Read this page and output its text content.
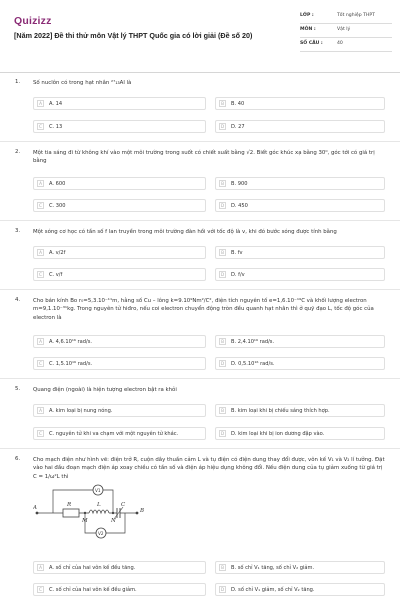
Quizizz
[Năm 2022] Đề thi thử môn Vật lý THPT Quốc gia có lời giải (Đề số 20)
LỚP :	Tốt nghiệp THPT
MÔN :	Vật lý
SỐ CÂU :	40
1. Số nuclôn có trong hạt nhân ²⁷₁₃Al là
A	A. 14	B	B. 40
C	C. 13	D	D. 27
2. Một tia sáng đi từ không khí vào một môi trường trong suốt có chiết suất bằng √2. Biết góc khúc xạ bằng 30⁰, góc tới có giá trị bằng
A	A. 600	B	B. 900
C	C. 300	D	D. 450
3. Một sóng cơ học có tần số f lan truyền trong môi trường đàn hồi với tốc độ là v, khi đó bước sóng được tính bằng
A	A. v/2f	B	B. fv
C	C. v/f	D	D. f/v
4. Cho bán kính Bo r₀=5,3.10⁻¹¹m, hằng số Cu – lông k=9.10⁹Nm²/C², điện tích nguyên tố e=1,6.10⁻¹⁹C và khối lượng electron m=9,1.10⁻³¹kg. Trong nguyên tử hiđro, nếu coi electron chuyển động tròn đều quanh hạt nhân thì ở quỹ đạo L, tốc độ góc của electron là
A	A. 4,6.10¹⁶ rad/s.	B	B. 2,4.10¹⁶ rad/s.
C	C. 1,5.10¹⁶ rad/s.	D	D. 0,5.10¹⁶ rad/s.
5. Quang điện (ngoài) là hiện tượng electron bật ra khỏi
A	A. kim loại bị nung nóng.	B	B. kim loại khi bị chiếu sáng thích hợp.
C	C. nguyên tử khi va chạm với một nguyên tử khác.	D	D. kim loại khi bị ion dương đập vào.
6. Cho mạch điện như hình vẽ: điện trở R, cuộn dây thuần cảm L và tụ điện có điện dung thay đổi được, vôn kế V₁ và V₂ lí tưởng. Đặt vào hai đầu đoạn mạch điện áp xoay chiều có tần số và điện áp hiệu dụng không đổi. Nếu điện dung của tụ giảm xuống từ giá trị C = 1/ω²L thì
A	R
M
L
N
C
B
V1
V2
A	A. số chỉ của hai vôn kế đều tăng.	B	B. số chỉ V₁ tăng, số chỉ V₂ giảm.
C	C. số chỉ của hai vôn kế đều giảm.	D	D. số chỉ V₁ giảm, số chỉ V₂ tăng.
